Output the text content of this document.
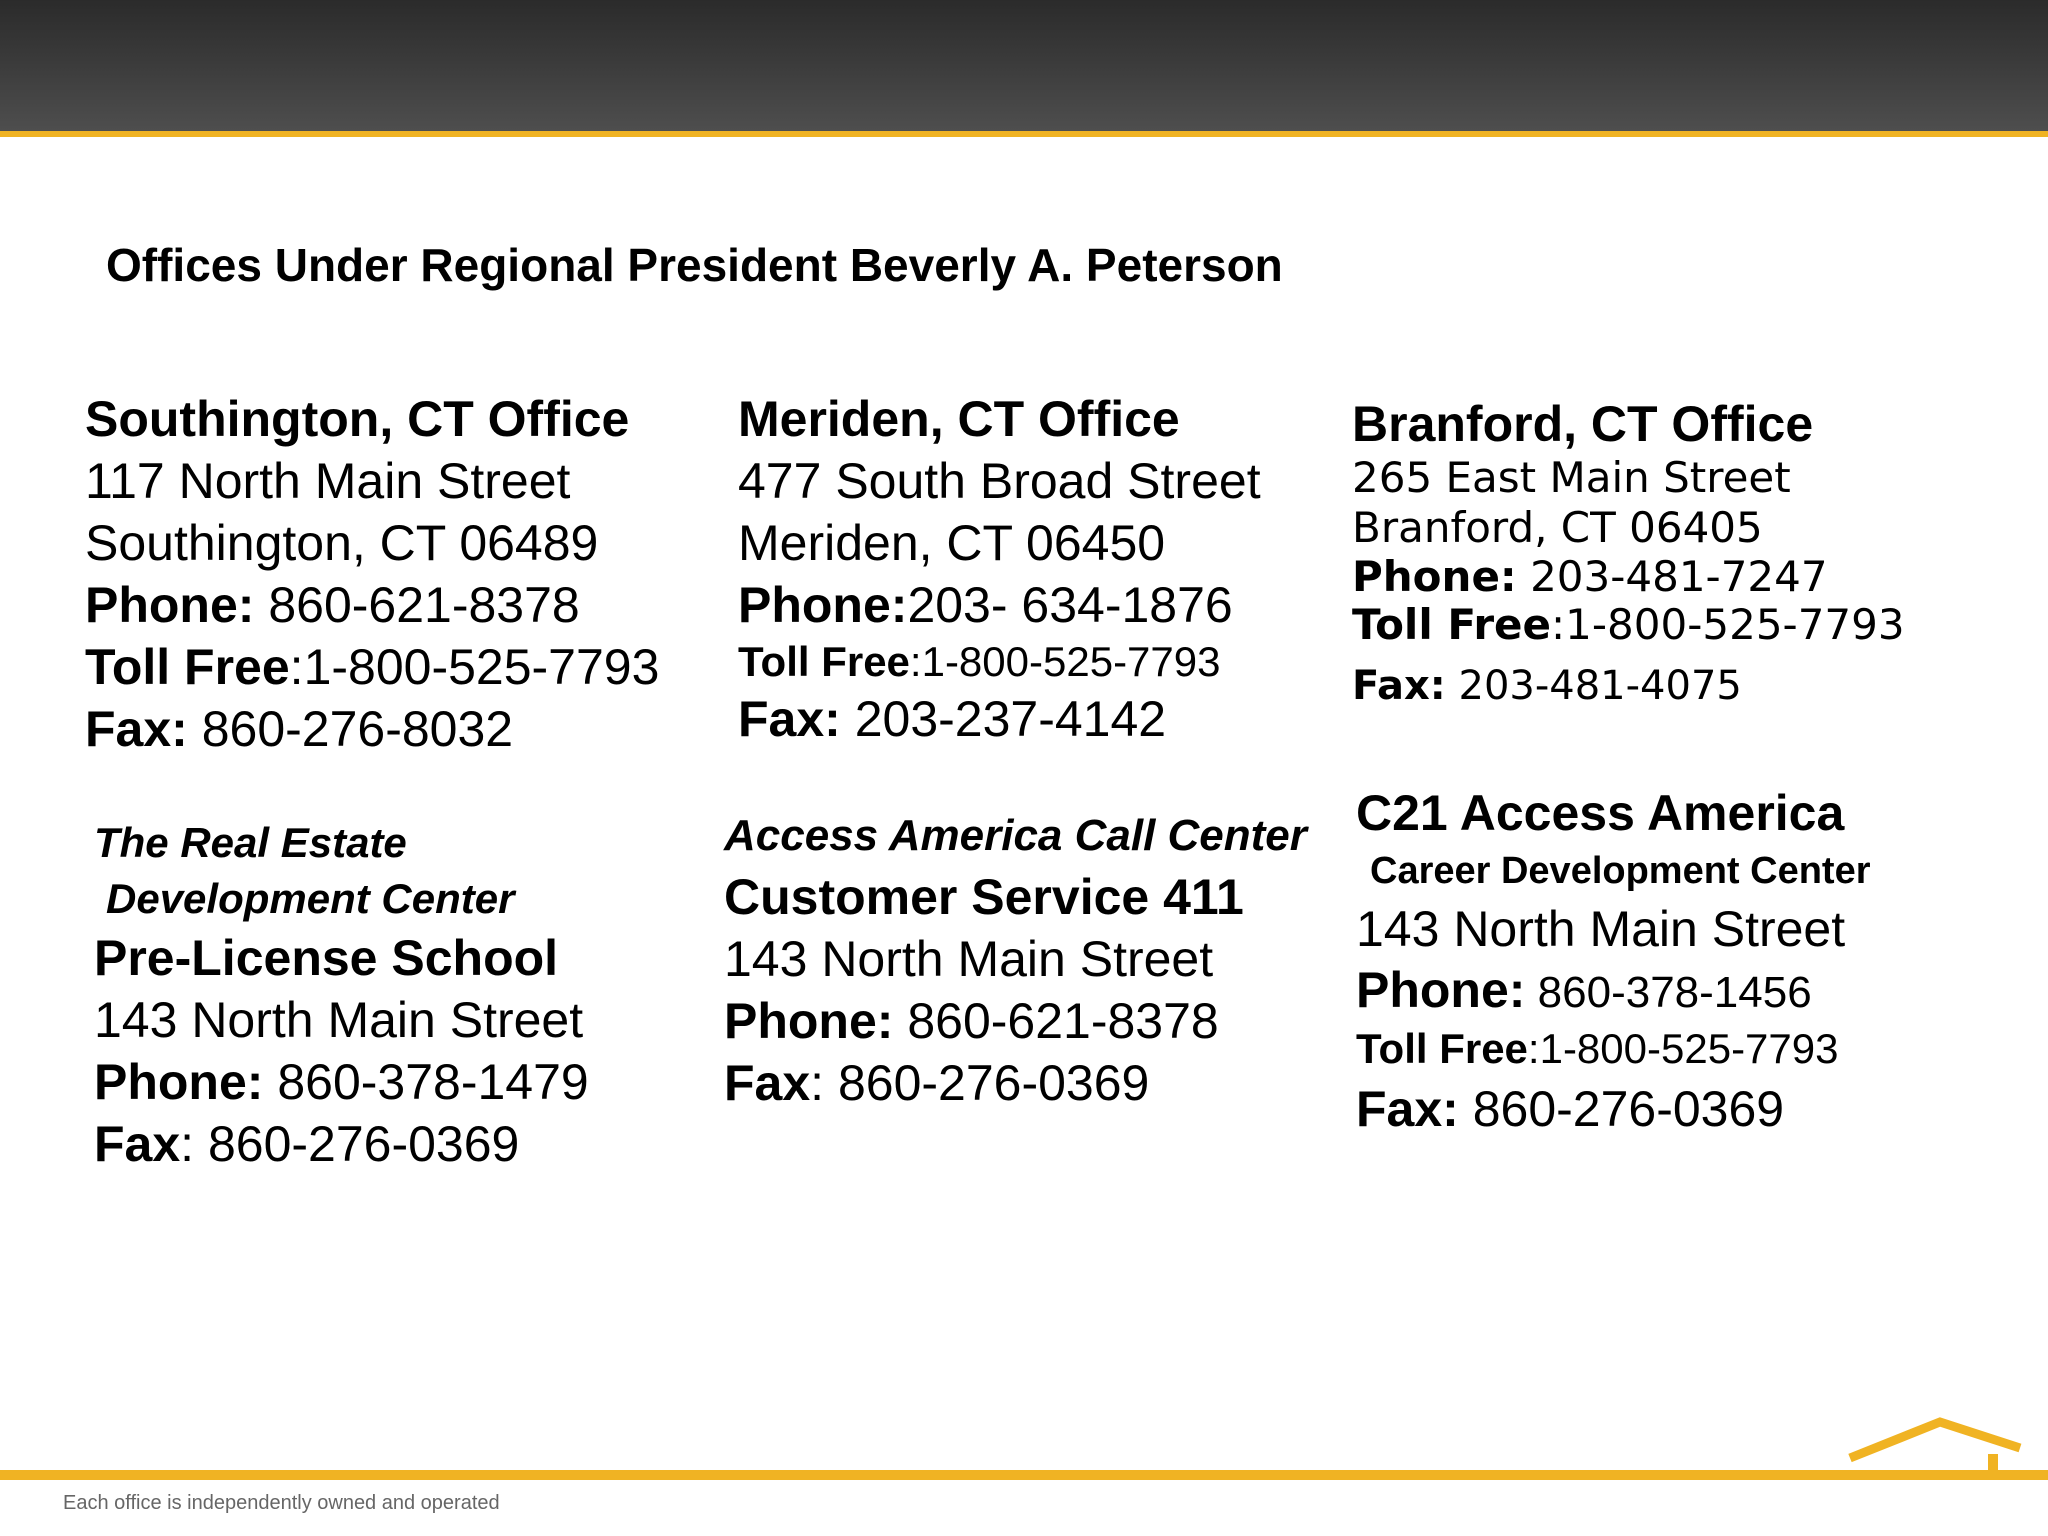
Offices Under Regional President Beverly A. Peterson
Southington, CT Office
117 North Main Street
Southington, CT 06489
Phone: 860-621-8378
Toll Free:1-800-525-7793
Fax: 860-276-8032
Meriden, CT Office
477 South Broad Street
Meriden, CT 06450
Phone:203- 634-1876
Toll Free:1-800-525-7793
Fax: 203-237-4142
Branford, CT Office
265 East Main Street
Branford, CT 06405
Phone: 203-481-7247
Toll Free:1-800-525-7793
Fax: 203-481-4075
The Real Estate
Development Center
Pre-License School
143 North Main Street
Phone: 860-378-1479
Fax: 860-276-0369
Access America Call Center
Customer Service 411
143 North Main Street
Phone: 860-621-8378
Fax: 860-276-0369
C21 Access America
Career Development Center
143 North Main Street
Phone: 860-378-1456
Toll Free:1-800-525-7793
Fax: 860-276-0369
Each office is independently owned and operated
